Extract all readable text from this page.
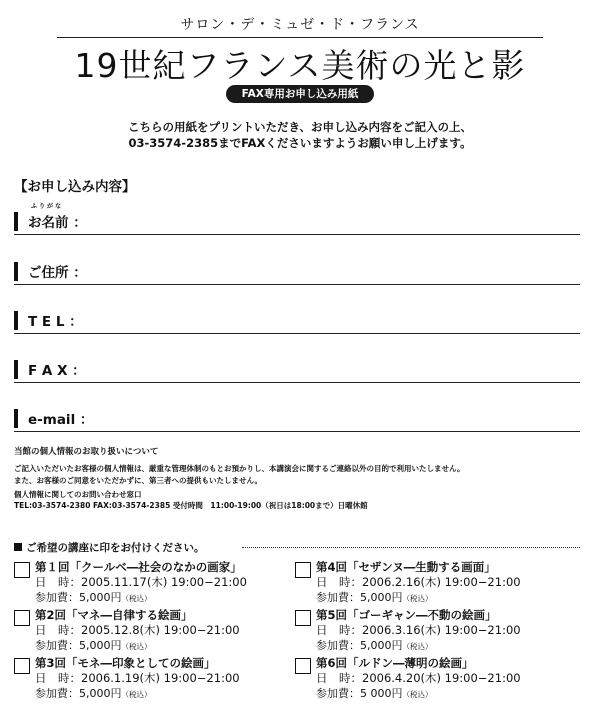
サロン・デ・ミュゼ・ド・フランス
19世紀フランス美術の光と影
FAX専用お申し込み用紙
こちらの用紙をプリントいただき、お申し込み内容をご記入の上、
03-3574-2385までFAXくださいますようお願い申し上げます。
【お申し込み内容】
ふりがな
お名前 ：
ご住所 ：
T E L ：
F A X ：
e-mail ：
当館の個人情報のお取り扱いについて
ご記入いただいたお客様の個人情報は、厳重な管理体制のもとお預かりし、本講演会に関するご連絡以外の目的で利用いたしません。
また、お客様のご同意をいただかずに、第三者への提供もいたしません。
個人情報に関してのお問い合わせ窓口
TEL:03-3574-2380 FAX:03-3574-2385 受付時間　11:00-19:00（祝日は18:00まで）日曜休館
ご希望の講座に印をお付けください。
第１回「クールベ―社会のなかの画家」
日　時：2005.11.17(木) 19:00−21:00
参加費：5,000円（税込）
第4回「セザンヌ―生動する画面」
日　時：2006.2.16(木) 19:00−21:00
参加費：5,000円（税込）
第2回「マネ―自律する絵画」
日　時：2005.12.8(木) 19:00−21:00
参加費：5,000円（税込）
第5回「ゴーギャン―不動の絵画」
日　時：2006.3.16(木) 19:00−21:00
参加費：5,000円（税込）
第3回「モネ―印象としての絵画」
日　時：2006.1.19(木) 19:00−21:00
参加費：5,000円（税込）
第6回「ルドン―薄明の絵画」
日　時：2006.4.20(木) 19:00−21:00
参加費：5 000円（税込）
